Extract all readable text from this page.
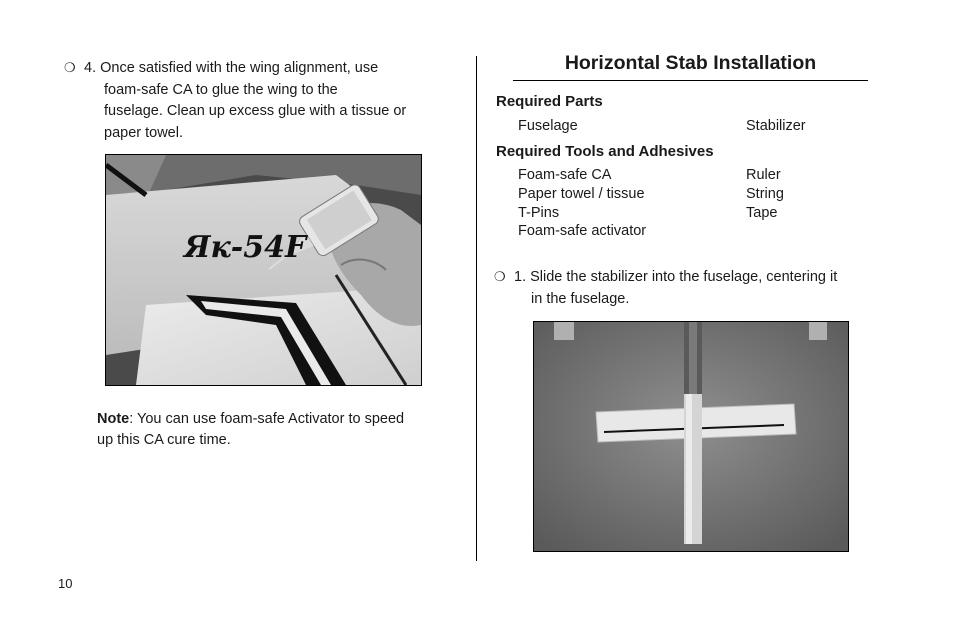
❍ 4. Once satisfied with the wing alignment, use
foam-safe CA to glue the wing to the
fuselage. Clean up excess glue with a tissue or
paper towel.
Як-54F
Note: You can use foam-safe Activator to speed
up this CA cure time.
Horizontal Stab Installation
Required Parts
Fuselage	Stabilizer
Required Tools and Adhesives
Foam-safe CA	Ruler
Paper towel / tissue	String
T-Pins	Tape
Foam-safe activator
❍ 1. Slide the stabilizer into the fuselage, centering it
in the fuselage.
10
